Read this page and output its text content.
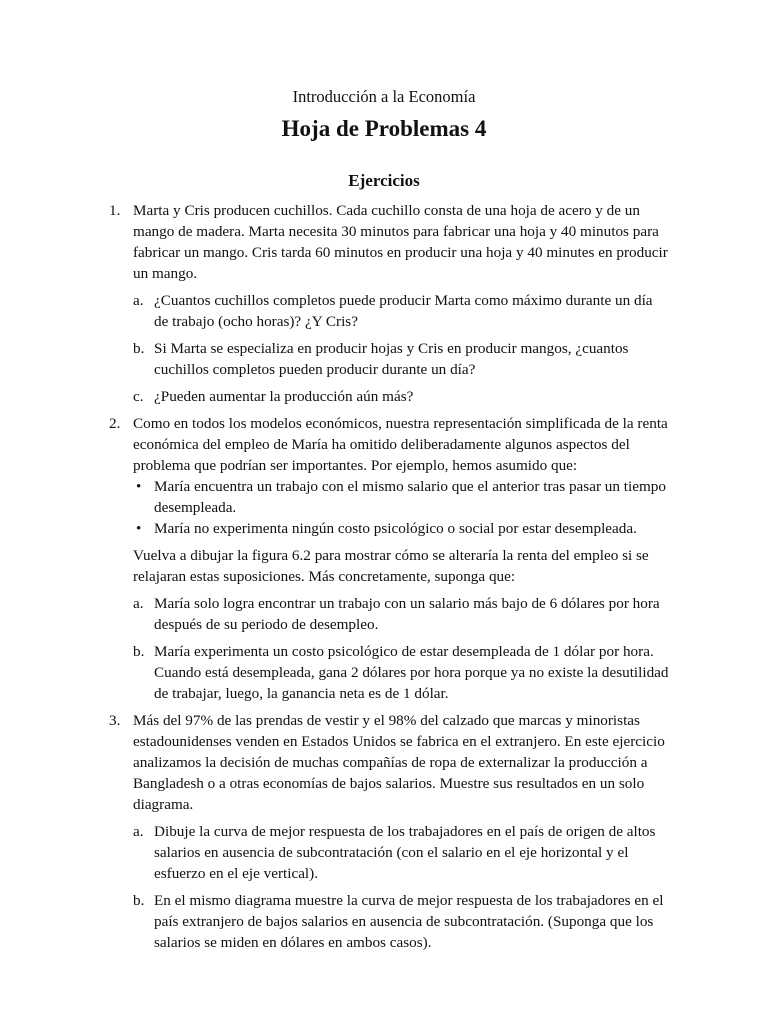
Introducción a la Economía
Hoja de Problemas 4
Ejercicios
1. Marta y Cris producen cuchillos. Cada cuchillo consta de una hoja de acero y de un mango de madera. Marta necesita 30 minutos para fabricar una hoja y 40 minutos para fabricar un mango. Cris tarda 60 minutos en producir una hoja y 40 minutes en producir un mango.

a. ¿Cuantos cuchillos completos puede producir Marta como máximo durante un día de trabajo (ocho horas)? ¿Y Cris?
b. Si Marta se especializa en producir hojas y Cris en producir mangos, ¿cuantos cuchillos completos pueden producir durante un día?
c. ¿Pueden aumentar la producción aún más?
2. Como en todos los modelos económicos, nuestra representación simplificada de la renta económica del empleo de María ha omitido deliberadamente algunos aspectos del problema que podrían ser importantes. Por ejemplo, hemos asumido que:

• María encuentra un trabajo con el mismo salario que el anterior tras pasar un tiempo desempleada.
• María no experimenta ningún costo psicológico o social por estar desempleada.

Vuelva a dibujar la figura 6.2 para mostrar cómo se alteraría la renta del empleo si se relajaran estas suposiciones. Más concretamente, suponga que:

a. María solo logra encontrar un trabajo con un salario más bajo de 6 dólares por hora después de su periodo de desempleo.
b. María experimenta un costo psicológico de estar desempleada de 1 dólar por hora. Cuando está desempleada, gana 2 dólares por hora porque ya no existe la desutilidad de trabajar, luego, la ganancia neta es de 1 dólar.
3. Más del 97% de las prendas de vestir y el 98% del calzado que marcas y minoristas estadounidenses venden en Estados Unidos se fabrica en el extranjero. En este ejercicio analizamos la decisión de muchas compañías de ropa de externalizar la producción a Bangladesh o a otras economías de bajos salarios. Muestre sus resultados en un solo diagrama.

a. Dibuje la curva de mejor respuesta de los trabajadores en el país de origen de altos salarios en ausencia de subcontratación (con el salario en el eje horizontal y el esfuerzo en el eje vertical).
b. En el mismo diagrama muestre la curva de mejor respuesta de los trabajadores en el país extranjero de bajos salarios en ausencia de subcontratación. (Suponga que los salarios se miden en dólares en ambos casos).
